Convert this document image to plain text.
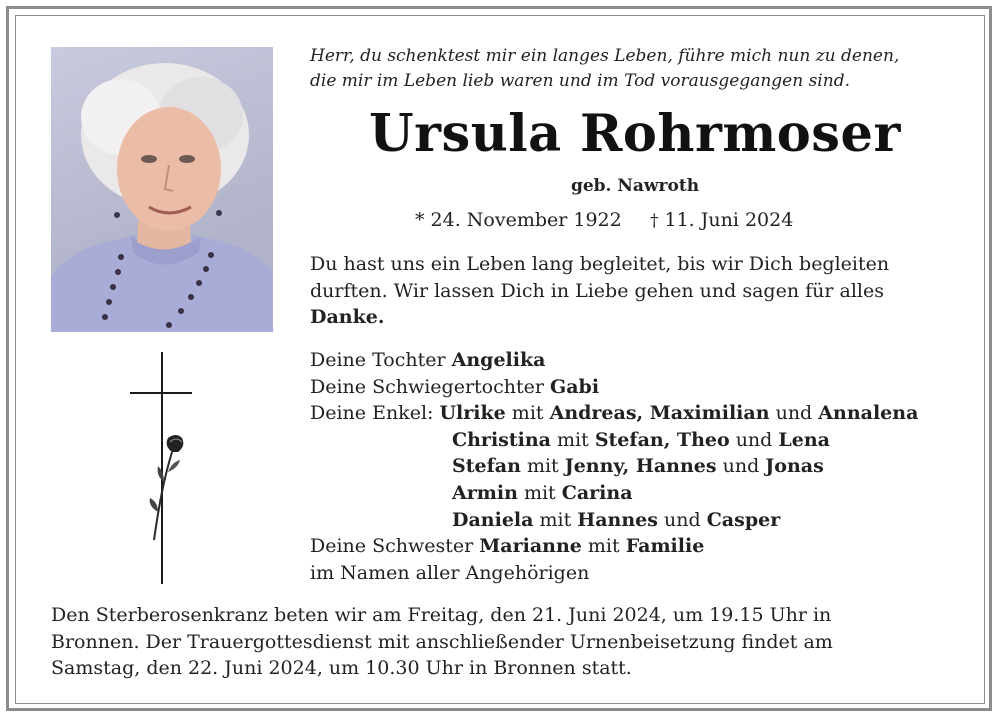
Herr, du schenktest mir ein langes Leben, führe mich nun zu denen,
die mir im Leben lieb waren und im Tod vorausgegangen sind.
Ursula Rohrmoser
geb. Nawroth
* 24. November 1922 † 11. Juni 2024
Du hast uns ein Leben lang begleitet, bis wir Dich begleiten
durften. Wir lassen Dich in Liebe gehen und sagen für alles
Danke.
Deine Tochter Angelika
Deine Schwiegertochter Gabi
Deine Enkel: Ulrike mit Andreas, Maximilian und Annalena
Christina mit Stefan, Theo und Lena
Stefan mit Jenny, Hannes und Jonas
Armin mit Carina
Daniela mit Hannes und Casper
Deine Schwester Marianne mit Familie
im Namen aller Angehörigen
Den Sterberosenkranz beten wir am Freitag, den 21. Juni 2024, um 19.15 Uhr in
Bronnen. Der Trauergottesdienst mit anschließender Urnenbeisetzung findet am
Samstag, den 22. Juni 2024, um 10.30 Uhr in Bronnen statt.
